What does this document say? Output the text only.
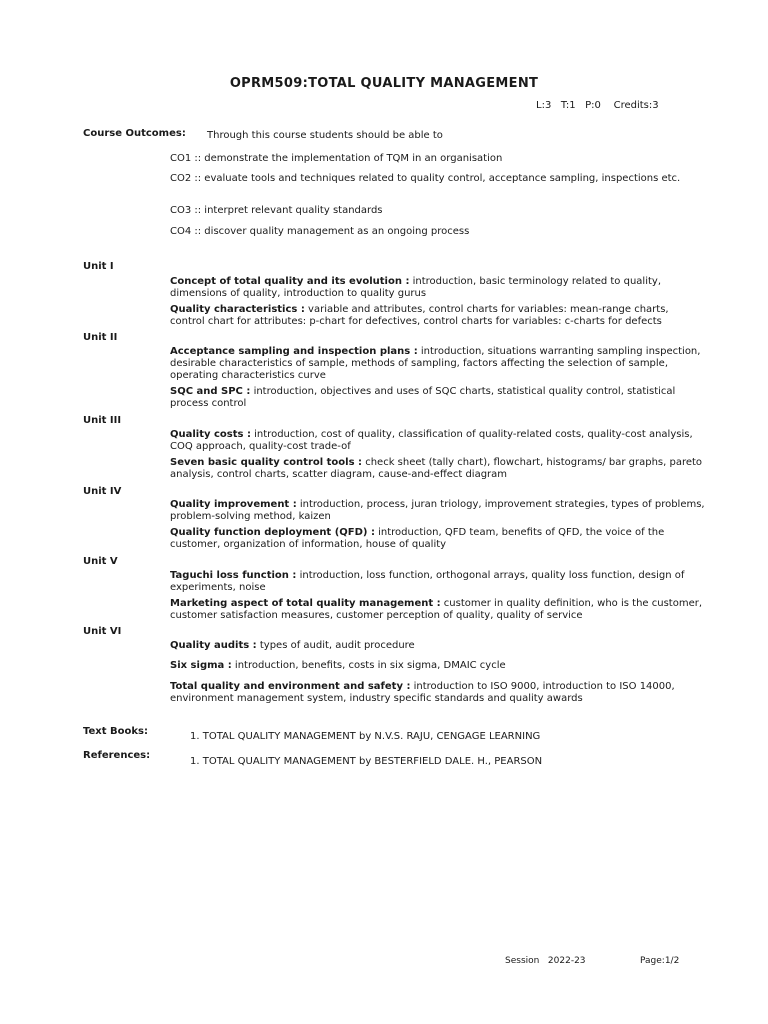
OPRM509:TOTAL QUALITY MANAGEMENT
L:3   T:1   P:0    Credits:3
Course Outcomes: Through this course students should be able to
CO1 :: demonstrate the implementation of TQM in an organisation
CO2 :: evaluate tools and techniques related to quality control, acceptance sampling, inspections etc.
CO3 :: interpret relevant quality standards
CO4 :: discover quality management as an ongoing process
Unit I
Concept of total quality and its evolution : introduction, basic terminology related to quality, dimensions of quality, introduction to quality gurus
Quality characteristics : variable and attributes, control charts for variables: mean-range charts, control chart for attributes: p-chart for defectives, control charts for variables: c-charts for defects
Unit II
Acceptance sampling and inspection plans : introduction, situations warranting sampling inspection, desirable characteristics of sample, methods of sampling, factors affecting the selection of sample, operating characteristics curve
SQC and SPC : introduction, objectives and uses of SQC charts, statistical quality control, statistical process control
Unit III
Quality costs : introduction, cost of quality, classification of quality-related costs, quality-cost analysis, COQ approach, quality-cost trade-of
Seven basic quality control tools : check sheet (tally chart), flowchart, histograms/ bar graphs, pareto analysis, control charts, scatter diagram, cause-and-effect diagram
Unit IV
Quality improvement : introduction, process, juran triology, improvement strategies, types of problems, problem-solving method, kaizen
Quality function deployment (QFD) : introduction, QFD team, benefits of QFD, the voice of the customer, organization of information, house of quality
Unit V
Taguchi loss function : introduction, loss function, orthogonal arrays, quality loss function, design of experiments, noise
Marketing aspect of total quality management : customer in quality definition, who is the customer, customer satisfaction measures, customer perception of quality, quality of service
Unit VI
Quality audits : types of audit, audit procedure
Six sigma : introduction, benefits, costs in six sigma, DMAIC cycle
Total quality and environment and safety : introduction to ISO 9000, introduction to ISO 14000, environment management system, industry specific standards and quality awards
Text Books:	1. TOTAL QUALITY MANAGEMENT by N.V.S. RAJU, CENGAGE LEARNING
References:
1. TOTAL QUALITY MANAGEMENT by BESTERFIELD DALE. H., PEARSON
Session   2022-23	Page:1/2
